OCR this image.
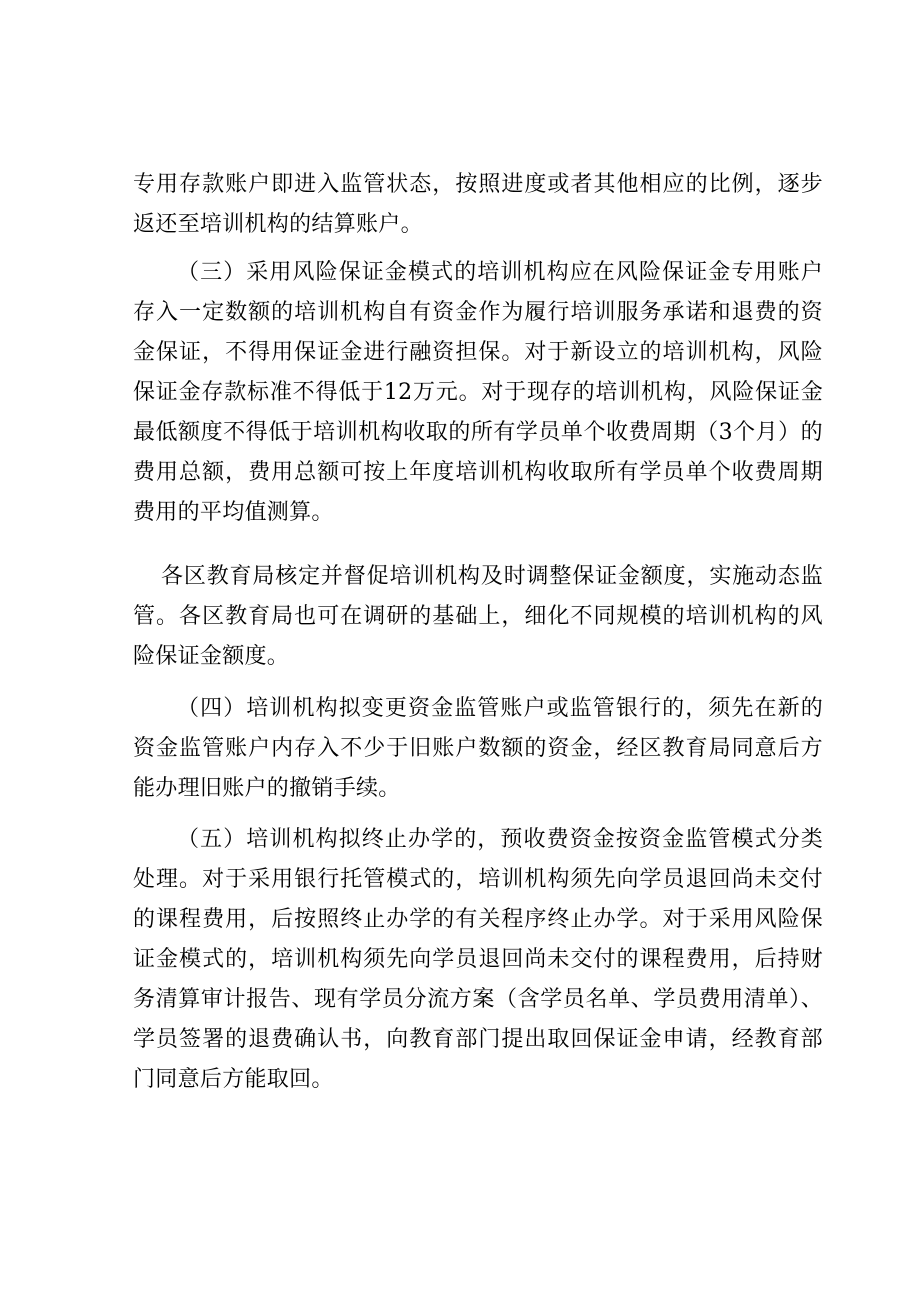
专用存款账户即进入监管状态，按照进度或者其他相应的比例，逐步返还至培训机构的结算账户。

（三）采用风险保证金模式的培训机构应在风险保证金专用账户存入一定数额的培训机构自有资金作为履行培训服务承诺和退费的资金保证，不得用保证金进行融资担保。对于新设立的培训机构，风险保证金存款标准不得低于12万元。对于现存的培训机构，风险保证金最低额度不得低于培训机构收取的所有学员单个收费周期（3个月）的费用总额，费用总额可按上年度培训机构收取所有学员单个收费周期费用的平均值测算。

各区教育局核定并督促培训机构及时调整保证金额度，实施动态监管。各区教育局也可在调研的基础上，细化不同规模的培训机构的风险保证金额度。

（四）培训机构拟变更资金监管账户或监管银行的，须先在新的资金监管账户内存入不少于旧账户数额的资金，经区教育局同意后方能办理旧账户的撤销手续。

（五）培训机构拟终止办学的，预收费资金按资金监管模式分类处理。对于采用银行托管模式的，培训机构须先向学员退回尚未交付的课程费用，后按照终止办学的有关程序终止办学。对于采用风险保证金模式的，培训机构须先向学员退回尚未交付的课程费用，后持财务清算审计报告、现有学员分流方案（含学员名单、学员费用清单）、学员签署的退费确认书，向教育部门提出取回保证金申请，经教育部门同意后方能取回。
